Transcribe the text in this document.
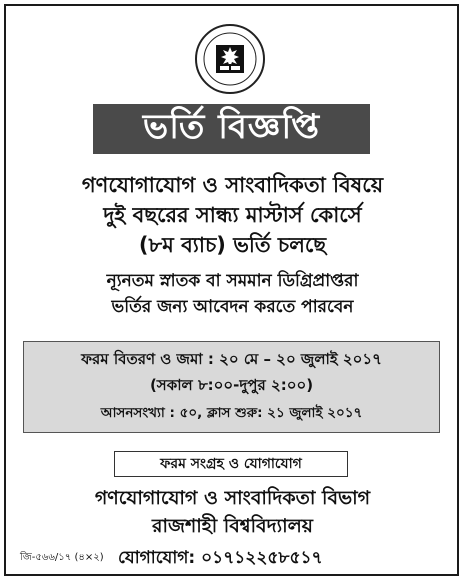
ভর্তি বিজ্ঞপ্তি
গণযোগাযোগ ও সাংবাদিকতা বিষয়ে
দুই বছরের সান্ধ্য মাস্টার্স কোর্সে
(৮ম ব্যাচ) ভর্তি চলছে
ন্যূনতম স্নাতক বা সমমান ডিগ্রিপ্রাপ্তরা
ভর্তির জন্য আবেদন করতে পারবেন
ফরম বিতরণ ও জমা : ২০ মে – ২০ জুলাই ২০১৭
(সকাল ৮:০০-দুপুর ২:০০)
আসনসংখ্যা : ৫০, ক্লাস শুরু: ২১ জুলাই ২০১৭
ফরম সংগ্রহ ও যোগাযোগ
গণযোগাযোগ ও সাংবাদিকতা বিভাগ
রাজশাহী বিশ্ববিদ্যালয়
জি-৫৬৬/১৭ (৪×২) যোগাযোগ: ০১৭১২২৫৮৫১৭
